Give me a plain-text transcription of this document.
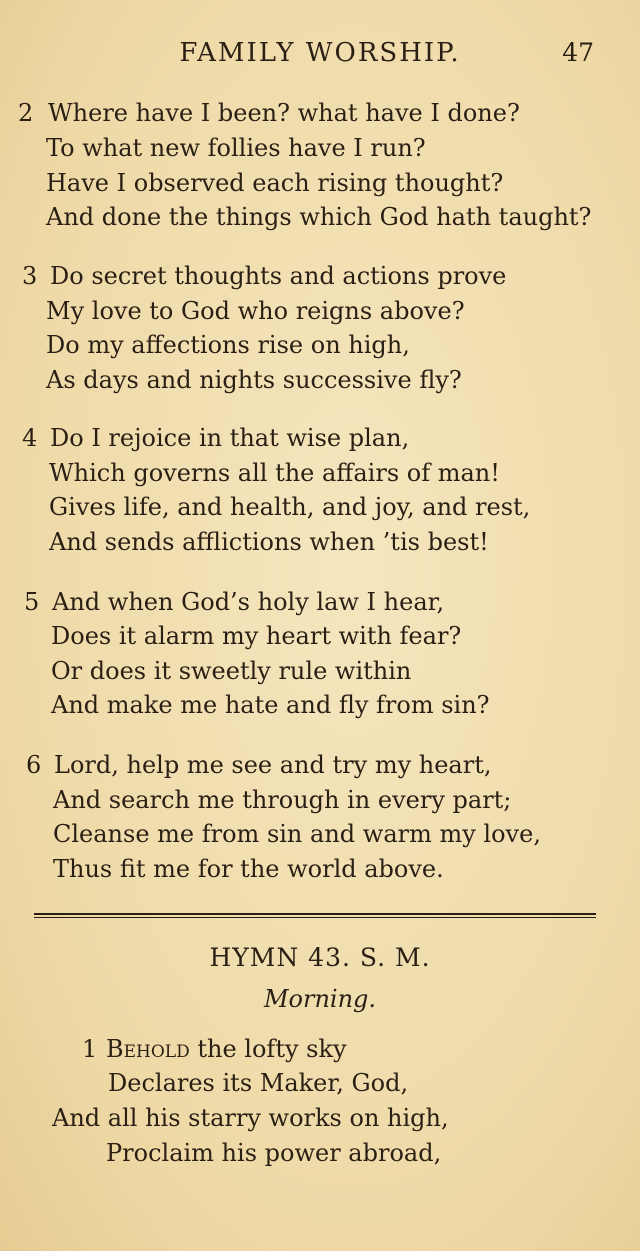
FAMILY WORSHIP.	47
2 Where have I been? what have I done?
To what new follies have I run?
Have I observed each rising thought?
And done the things which God hath taught?
3 Do secret thoughts and actions prove
My love to God who reigns above?
Do my affections rise on high,
As days and nights successive fly?
4 Do I rejoice in that wise plan,
Which governs all the affairs of man!
Gives life, and health, and joy, and rest,
And sends afflictions when ’tis best!
5 And when God’s holy law I hear,
Does it alarm my heart with fear?
Or does it sweetly rule within
And make me hate and fly from sin?
6 Lord, help me see and try my heart,
And search me through in every part;
Cleanse me from sin and warm my love,
Thus fit me for the world above.
HYMN 43. S. M.
Morning.
1 Behold the lofty sky
Declares its Maker, God,
And all his starry works on high,
Proclaim his power abroad,
